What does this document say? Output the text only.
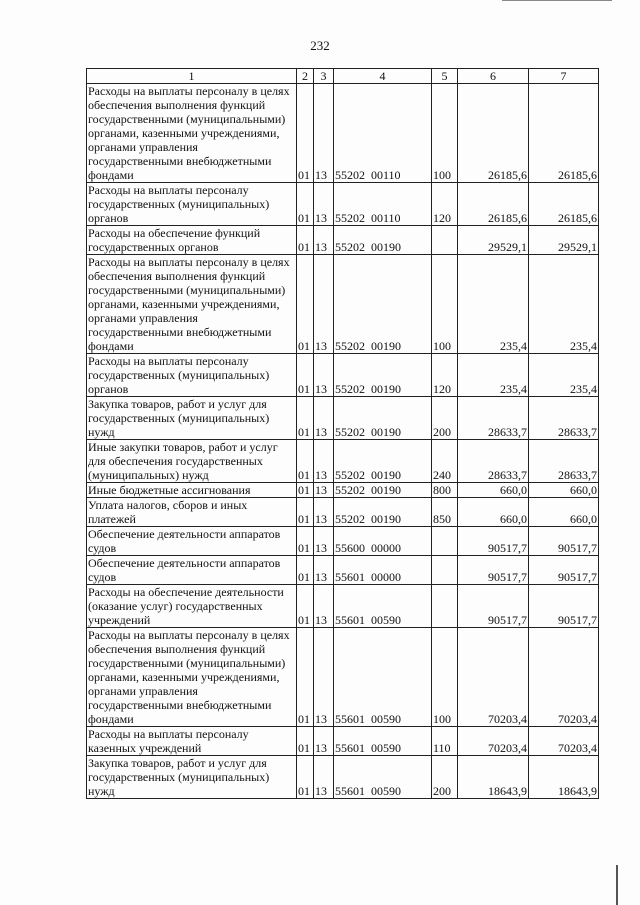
232
1	2	3	4	5	6	7
Расходы на выплаты персоналу в целях обеспечения выполнения функций государственными (муниципальными) органами, казенными учреждениями, органами управления государственными внебюджетными фондами	01	13	55202 00110	100	26185,6	26185,6
Расходы на выплаты персоналу государственных (муниципальных) органов	01	13	55202 00110	120	26185,6	26185,6
Расходы на обеспечение функций государственных органов	01	13	55202 00190		29529,1	29529,1
Расходы на выплаты персоналу в целях обеспечения выполнения функций государственными (муниципальными) органами, казенными учреждениями, органами управления государственными внебюджетными фондами	01	13	55202 00190	100	235,4	235,4
Расходы на выплаты персоналу государственных (муниципальных) органов	01	13	55202 00190	120	235,4	235,4
Закупка товаров, работ и услуг для государственных (муниципальных) нужд	01	13	55202 00190	200	28633,7	28633,7
Иные закупки товаров, работ и услуг для обеспечения государственных (муниципальных) нужд	01	13	55202 00190	240	28633,7	28633,7
Иные бюджетные ассигнования	01	13	55202 00190	800	660,0	660,0
Уплата налогов, сборов и иных платежей	01	13	55202 00190	850	660,0	660,0
Обеспечение деятельности аппаратов судов	01	13	55600 00000		90517,7	90517,7
Обеспечение деятельности аппаратов судов	01	13	55601 00000		90517,7	90517,7
Расходы на обеспечение деятельности (оказание услуг) государственных учреждений	01	13	55601 00590		90517,7	90517,7
Расходы на выплаты персоналу в целях обеспечения выполнения функций государственными (муниципальными) органами, казенными учреждениями, органами управления государственными внебюджетными фондами	01	13	55601 00590	100	70203,4	70203,4
Расходы на выплаты персоналу казенных учреждений	01	13	55601 00590	110	70203,4	70203,4
Закупка товаров, работ и услуг для государственных (муниципальных) нужд	01	13	55601 00590	200	18643,9	18643,9
